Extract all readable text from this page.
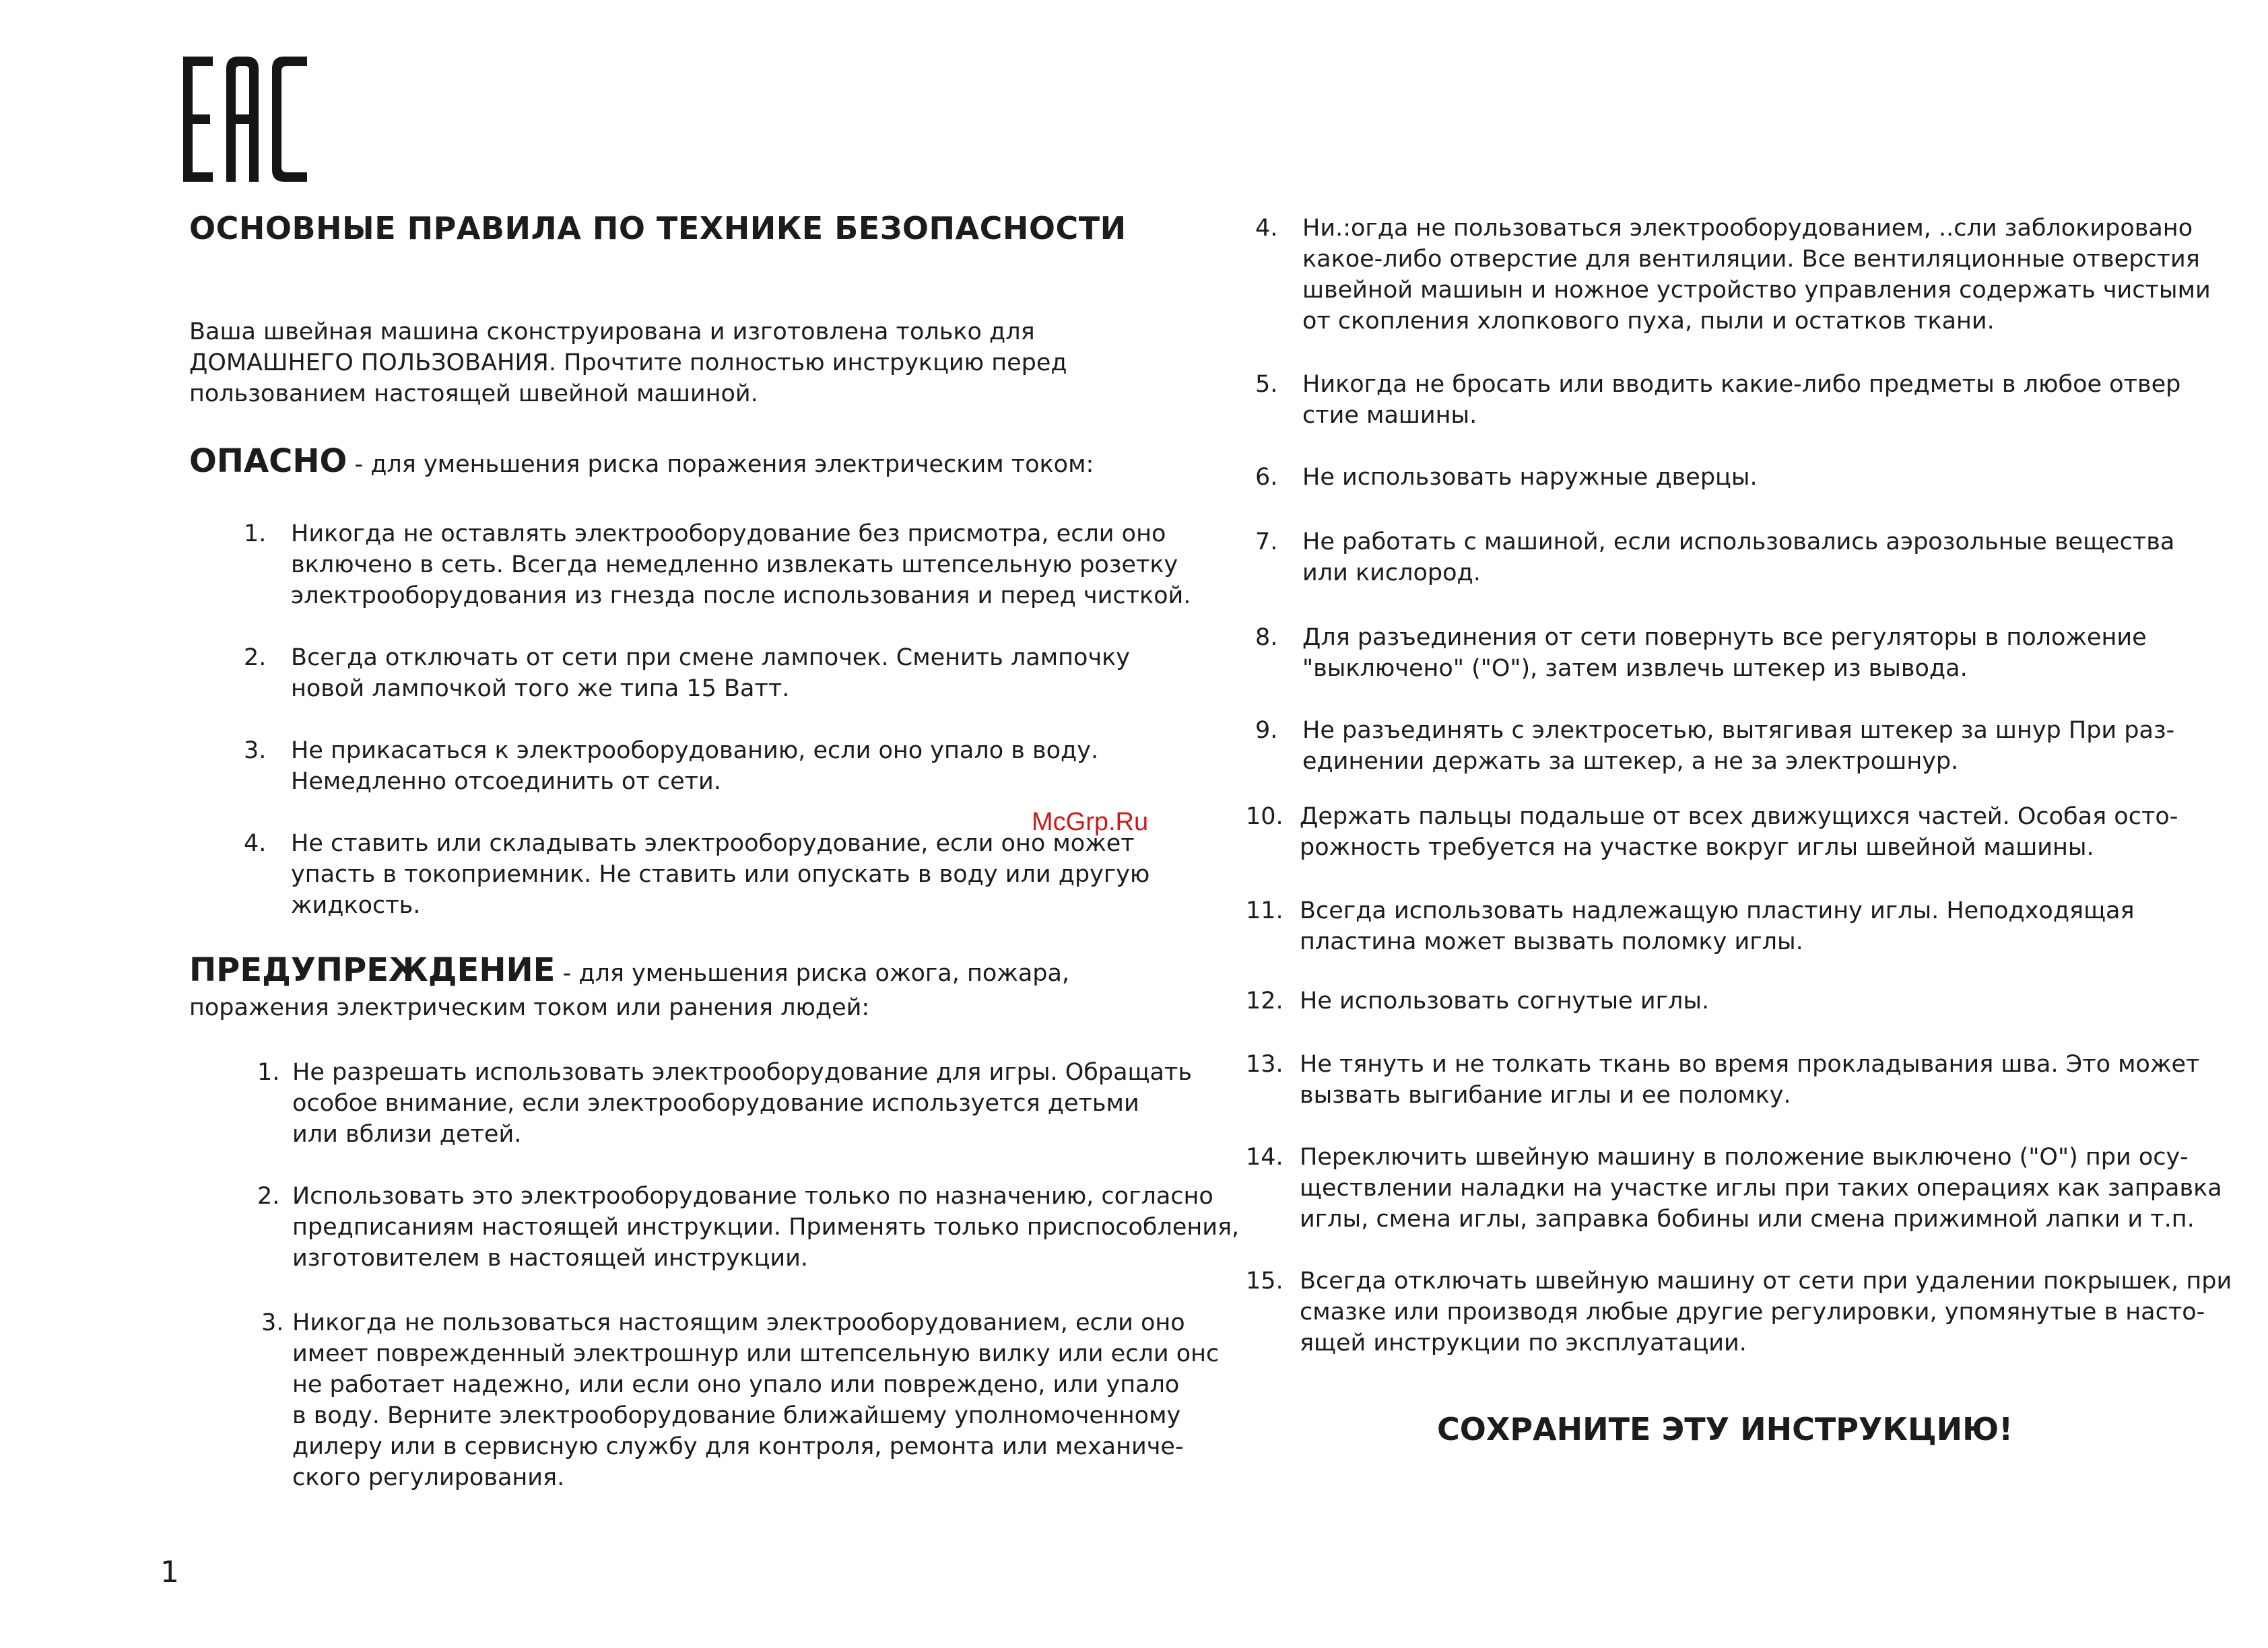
ОСНОВНЫЕ ПРАВИЛА ПО ТЕХНИКЕ БЕЗОПАСНОСТИ
Ваша швейная машина сконструирована и изготовлена только для
ДОМАШНЕГО ПОЛЬЗОВАНИЯ. Прочтите полностью инструкцию перед
пользованием настоящей швейной машиной.
ОПАСНО - для уменьшения риска поражения электрическим током:
1. Никогда не оставлять электрооборудование без присмотра, если оно
включено в сеть. Всегда немедленно извлекать штепсельную розетку
электрооборудования из гнезда после использования и перед чисткой.
2. Всегда отключать от сети при смене лампочек. Сменить лампочку
новой лампочкой того же типа 15 Ватт.
3. Не прикасаться к электрооборудованию, если оно упало в воду.
Немедленно отсоединить от сети.
4. Не ставить или складывать электрооборудование, если оно может
упасть в токоприемник. Не ставить или опускать в воду или другую
жидкость.
ПРЕДУПРЕЖДЕНИЕ - для уменьшения риска ожога, пожара,
поражения электрическим током или ранения людей:
1. Не разрешать использовать электрооборудование для игры. Обращать
особое внимание, если электрооборудование используется детьми
или вблизи детей.
2. Использовать это электрооборудование только по назначению, согласно
предписаниям настоящей инструкции. Применять только приспособления,
изготовителем в настоящей инструкции.
3. Никогда не пользоваться настоящим электрооборудованием, если оно
имеет поврежденный электрошнур или штепсельную вилку или если онс
не работает надежно, или если оно упало или повреждено, или упало
в воду. Верните электрооборудование ближайшему уполномоченному
дилеру или в сервисную службу для контроля, ремонта или механиче-
ского регулирования.
4. Ни.:огда не пользоваться электрооборудованием, ..сли заблокировано
какое-либо отверстие для вентиляции. Все вентиляционные отверстия
швейной машиын и ножное устройство управления содержать чистыми
от скопления хлопкового пуха, пыли и остатков ткани.
5. Никогда не бросать или вводить какие-либо предметы в любое отвер
стие машины.
6. Не использовать наружные дверцы.
7. Не работать с машиной, если использовались аэрозольные вещества
или кислород.
8. Для разъединения от сети повернуть все регуляторы в положение
"выключено" ("О"), затем извлечь штекер из вывода.
9. Не разъединять с электросетью, вытягивая штекер за шнур При раз-
единении держать за штекер, а не за электрошнур.
10. Держать пальцы подальше от всех движущихся частей. Особая осто-
рожность требуется на участке вокруг иглы швейной машины.
11. Всегда использовать надлежащую пластину иглы. Неподходящая
пластина может вызвать поломку иглы.
12. Не использовать согнутые иглы.
13. Не тянуть и не толкать ткань во время прокладывания шва. Это может
вызвать выгибание иглы и ее поломку.
14. Переключить швейную машину в положение выключено ("О") при осу-
ществлении наладки на участке иглы при таких операциях как заправка
иглы, смена иглы, заправка бобины или смена прижимной лапки и т.п.
15. Всегда отключать швейную машину от сети при удалении покрышек, при
смазке или производя любые другие регулировки, упомянутые в насто-
ящей инструкции по эксплуатации.
СОХРАНИТЕ ЭТУ ИНСТРУКЦИЮ!
McGrp.Ru
1
